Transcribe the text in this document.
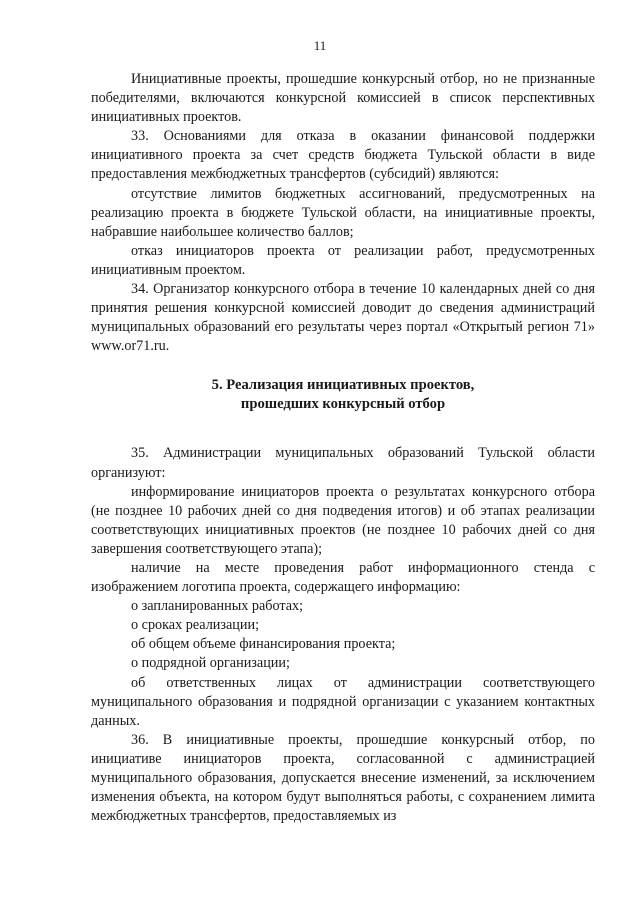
11

Инициативные проекты, прошедшие конкурсный отбор, но не признанные победителями, включаются конкурсной комиссией в список перспективных инициативных проектов.

33. Основаниями для отказа в оказании финансовой поддержки инициативного проекта за счет средств бюджета Тульской области в виде предоставления межбюджетных трансфертов (субсидий) являются:

отсутствие лимитов бюджетных ассигнований, предусмотренных на реализацию проекта в бюджете Тульской области, на инициативные проекты, набравшие наибольшее количество баллов;

отказ инициаторов проекта от реализации работ, предусмотренных инициативным проектом.

34. Организатор конкурсного отбора в течение 10 календарных дней со дня принятия решения конкурсной комиссией доводит до сведения администраций муниципальных образований его результаты через портал «Открытый регион 71» www.or71.ru.

5. Реализация инициативных проектов,

прошедших конкурсный отбор

35. Администрации муниципальных образований Тульской области организуют:

информирование инициаторов проекта о результатах конкурсного отбора (не позднее 10 рабочих дней со дня подведения итогов) и об этапах реализации соответствующих инициативных проектов (не позднее 10 рабочих дней со дня завершения соответствующего этапа);

наличие на месте проведения работ информационного стенда с изображением логотипа проекта, содержащего информацию:

о запланированных работах;

о сроках реализации;

об общем объеме финансирования проекта;

о подрядной организации;

об ответственных лицах от администрации соответствующего муниципального образования и подрядной организации с указанием контактных данных.

36. В инициативные проекты, прошедшие конкурсный отбор, по инициативе инициаторов проекта, согласованной с администрацией муниципального образования, допускается внесение изменений, за исключением изменения объекта, на котором будут выполняться работы, с сохранением лимита межбюджетных трансфертов, предоставляемых из
